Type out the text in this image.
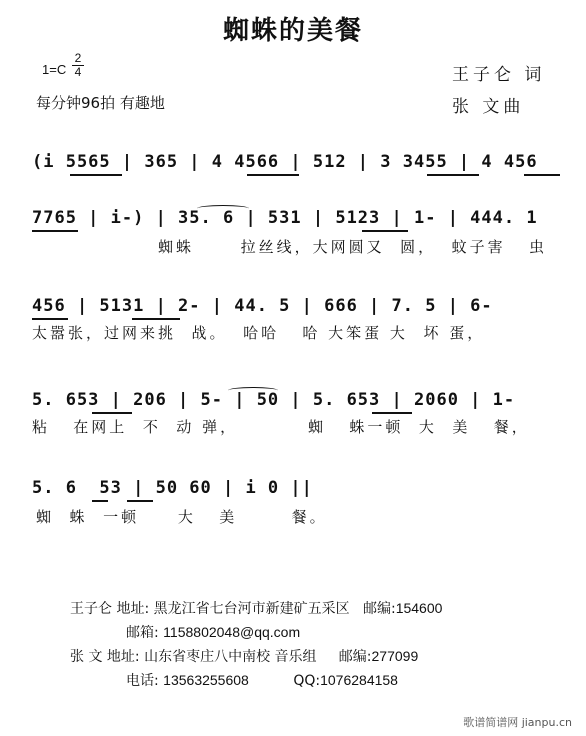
蜘蛛的美餐
1=C
2
4
每分钟96拍 有趣地
王子仑 词
张 文曲
(i 5565 | 365 | 4 4566 | 512 | 3 3455 | 4 456
7765 | i-) | 35. 6 | 531 | 5123 | 1- | 444. 1
蜘蛛      拉丝线，大网圆又  圆，  蚊子害   虫
456 | 5131 | 2- | 44. 5 | 666 | 7. 5 | 6-
太嚣张，过网来挑  战。  哈哈   哈 大笨蛋 大  坏 蛋，
5. 653 | 206 | 5- | 50 | 5. 653 | 2060 | 1-
粘   在网上  不  动 弹，         蜘   蛛一顿  大  美   餐，
5. 6  53 | 50 60 | i 0 ||
蜘  蛛  一顿     大   美       餐。
王子仑 地址: 黑龙江省七台河市新建矿五采区 邮编:154600
邮箱: 1158802048@qq.com
张 文 地址: 山东省枣庄八中南校 音乐组 邮编:277099
电话: 13563255608	QQ:1076284158
歌谱简谱网 jianpu.cn
